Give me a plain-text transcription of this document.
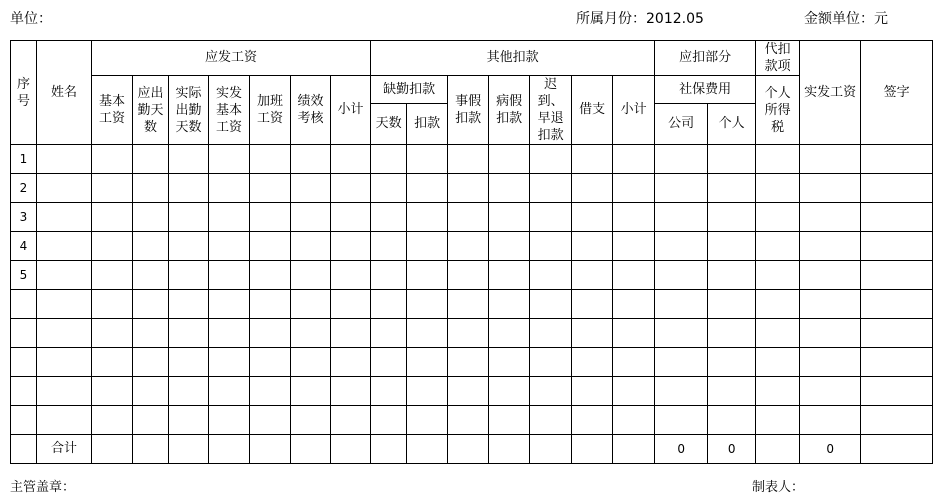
单位：	所属月份：2012.05	金额单位：元
序号	姓名	应发工资							其他扣款							应扣部分		代扣款项	实发工资	签字
		基本工资	应出勤天数	实际出勤天数	实发基本工资	加班工资	绩效考核	小计	缺勤扣款		事假扣款	病假扣款	迟到、早退扣款	借支	小计	社保费用		个人所得税		
									天数	扣款						公司	个人			
1																				
2																				
3																				
4																				
5																				

	合计															0	0		0	
主管盖章：	制表人：
